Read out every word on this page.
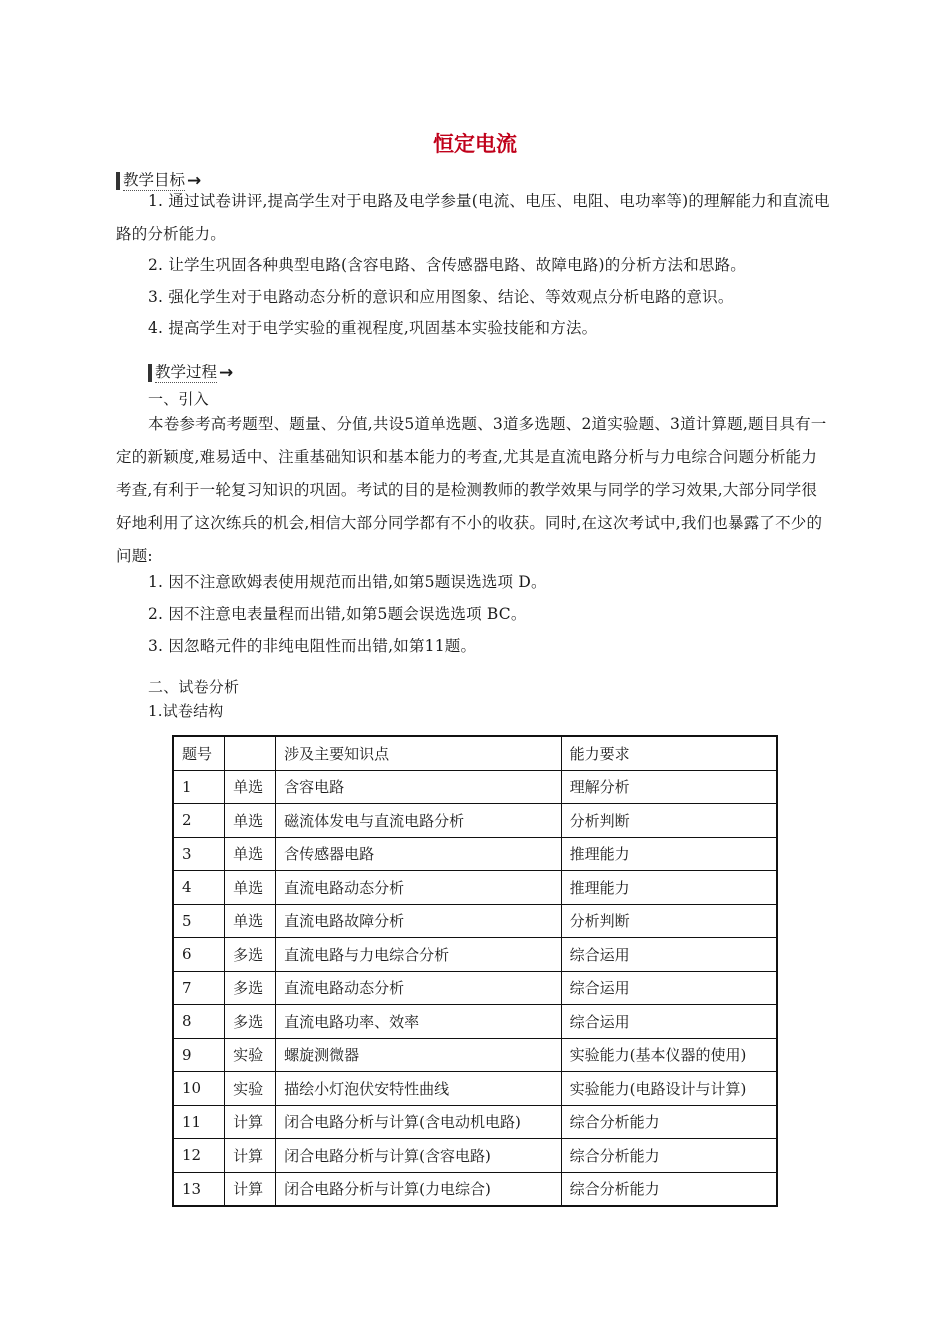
恒定电流
教学目标 →

1. 通过试卷讲评,提高学生对于电路及电学参量(电流、电压、电阻、电功率等)的理解能力和直流电路的分析能力。

2. 让学生巩固各种典型电路(含容电路、含传感器电路、故障电路)的分析方法和思路。

3. 强化学生对于电路动态分析的意识和应用图象、结论、等效观点分析电路的意识。

4. 提高学生对于电学实验的重视程度,巩固基本实验技能和方法。

教学过程 →

一、引入

本卷参考高考题型、题量、分值,共设5道单选题、3道多选题、2道实验题、3道计算题,题目具有一定的新颖度,难易适中、注重基础知识和基本能力的考查,尤其是直流电路分析与力电综合问题分析能力考查,有利于一轮复习知识的巩固。考试的目的是检测教师的教学效果与同学的学习效果,大部分同学很好地利用了这次练兵的机会,相信大部分同学都有不小的收获。同时,在这次考试中,我们也暴露了不少的问题:

1. 因不注意欧姆表使用规范而出错,如第5题误选选项 D。

2. 因不注意电表量程而出错,如第5题会误选选项 BC。

3. 因忽略元件的非纯电阻性而出错,如第11题。

二、试卷分析

1.试卷结构

题号		涉及主要知识点	能力要求
1	单选	含容电路	理解分析
2	单选	磁流体发电与直流电路分析	分析判断
3	单选	含传感器电路	推理能力
4	单选	直流电路动态分析	推理能力
5	单选	直流电路故障分析	分析判断
6	多选	直流电路与力电综合分析	综合运用
7	多选	直流电路动态分析	综合运用
8	多选	直流电路功率、效率	综合运用
9	实验	螺旋测微器	实验能力(基本仪器的使用)
10	实验	描绘小灯泡伏安特性曲线	实验能力(电路设计与计算)
11	计算	闭合电路分析与计算(含电动机电路)	综合分析能力
12	计算	闭合电路分析与计算(含容电路)	综合分析能力
13	计算	闭合电路分析与计算(力电综合)	综合分析能力
